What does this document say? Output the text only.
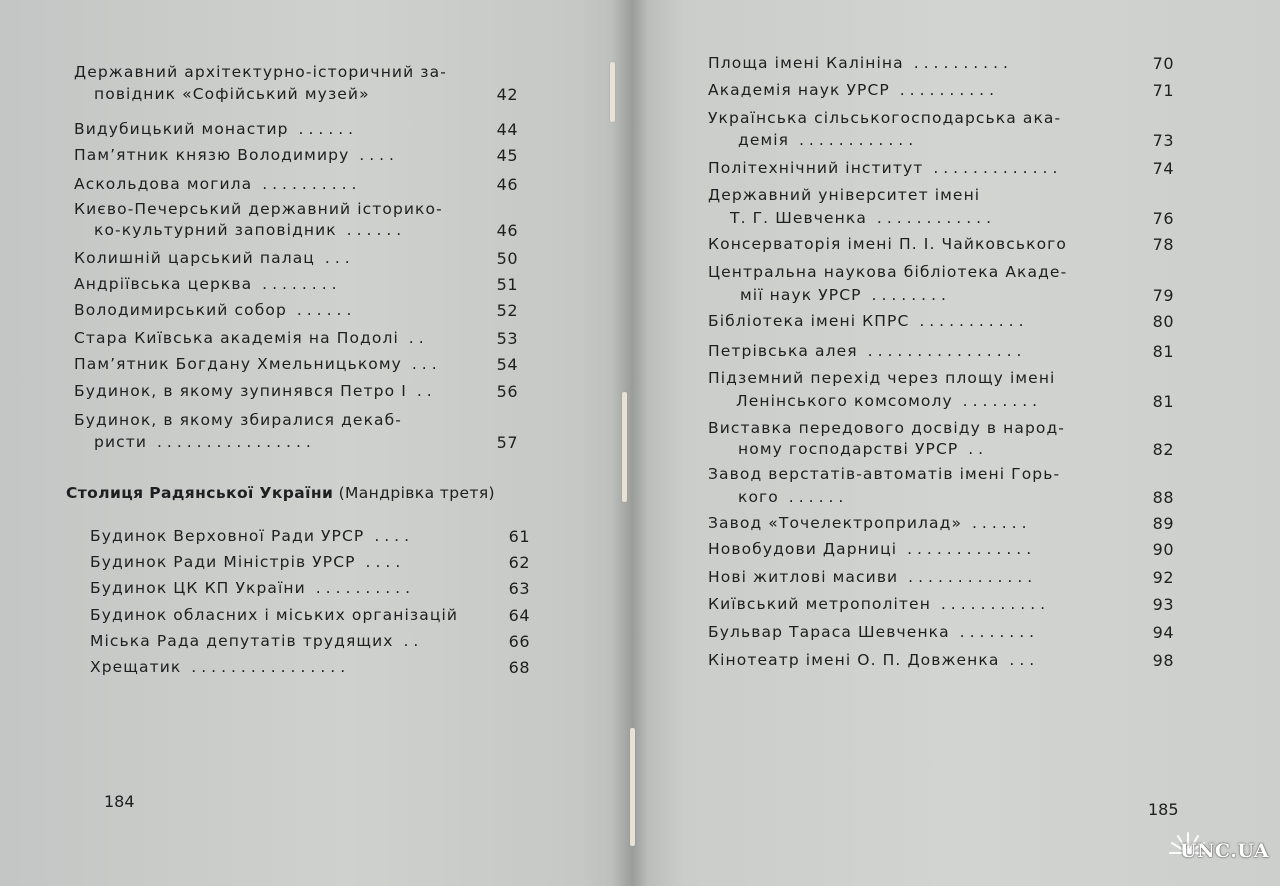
Державний архітектурно-історичний за-
повідник «Софійський музей»	42
Видубицький монастир ......	44
Пам’ятник князю Володимиру ....	45
Аскольдова могила ..........	46
Києво-Печерський державний історико-
ко-культурний заповідник ......	46
Колишній царський палац ...	50
Андріївська церква ........	51
Володимирський собор ......	52
Стара Київська академія на Подолі ..	53
Пам’ятник Богдану Хмельницькому ...	54
Будинок, в якому зупинявся Петро I ..	56
Будинок, в якому збиралися декаб-
ристи ................	57
Будинок Верховної Ради УРСР ....	61
Будинок Ради Міністрів УРСР ....	62
Будинок ЦК КП України ..........	63
Будинок обласних і міських організацій	64
Міська Рада депутатів трудящих ..	66
Хрещатик ................	68
Площа імені Калініна ..........	70
Академія наук УРСР ..........	71
Українська сільськогосподарська ака-
демія ............	73
Політехнічний інститут .............	74
Державний університет імені
Т. Г. Шевченка ............	76
Консерваторія імені П. І. Чайковського	78
Центральна наукова бібліотека Акаде-
мії наук УРСР ........	79
Бібліотека імені КПРС ...........	80
Петрівська алея ................	81
Підземний перехід через площу імені
Ленінського комсомолу ........	81
Виставка передового досвіду в народ-
ному господарстві УРСР ..	82
Завод верстатів-автоматів імені Горь-
кого ......	88
Завод «Точелектроприлад» ......	89
Новобудови Дарниці .............	90
Нові житлові масиви .............	92
Київський метрополітен ...........	93
Бульвар Тараса Шевченка ........	94
Кінотеатр імені О. П. Довженка ...	98
Столиця Радянської України (Мандрівка третя)
184	185
UNC.UA
